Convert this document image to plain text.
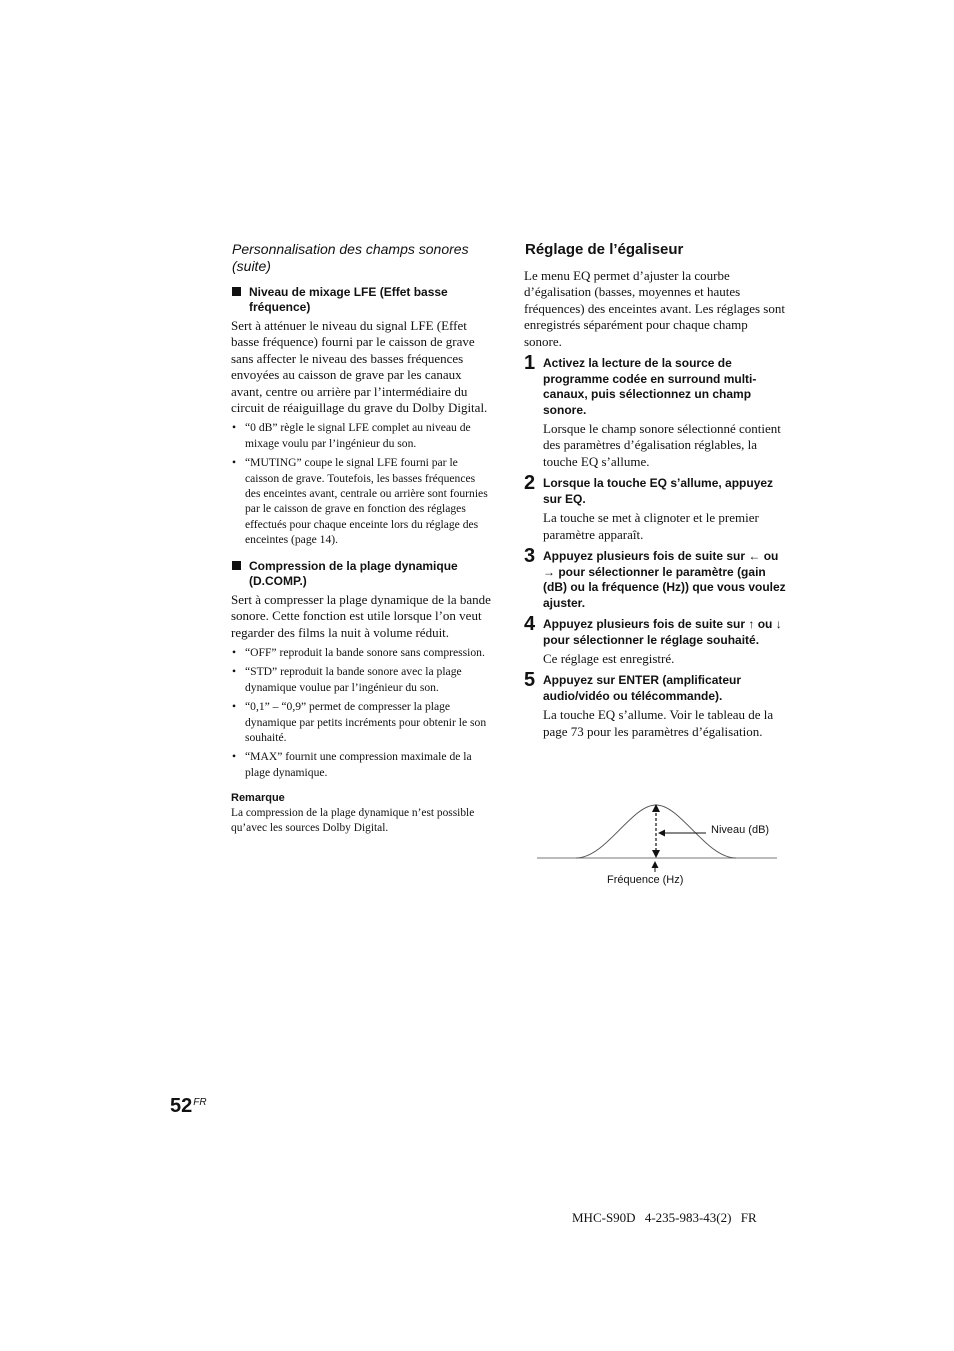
Personnalisation des champs sonores (suite)
Niveau de mixage LFE (Effet basse fréquence)

Sert à atténuer le niveau du signal LFE (Effet basse fréquence) fourni par le caisson de grave sans affecter le niveau des basses fréquences envoyées au caisson de grave par les canaux avant, centre ou arrière par l’intermédiaire du circuit de réaiguillage du grave du Dolby Digital.

• “0 dB” règle le signal LFE complet au niveau de mixage voulu par l’ingénieur du son.
• “MUTING” coupe le signal LFE fourni par le caisson de grave. Toutefois, les basses fréquences des enceintes avant, centrale ou arrière sont fournies par le caisson de grave en fonction des réglages effectués pour chaque enceinte lors du réglage des enceintes (page 14).
Compression de la plage dynamique (D.COMP.)

Sert à compresser la plage dynamique de la bande sonore. Cette fonction est utile lorsque l’on veut regarder des films la nuit à volume réduit.

• “OFF” reproduit la bande sonore sans compression.
• “STD” reproduit la bande sonore avec la plage dynamique voulue par l’ingénieur du son.
• “0,1” – “0,9” permet de compresser la plage dynamique par petits incréments pour obtenir le son souhaité.
• “MAX” fournit une compression maximale de la plage dynamique.
Remarque

La compression de la plage dynamique n’est possible qu’avec les sources Dolby Digital.

Réglage de l’égaliseur

Le menu EQ permet d’ajuster la courbe d’égalisation (basses, moyennes et hautes fréquences) des enceintes avant. Les réglages sont enregistrés séparément pour chaque champ sonore.

1 Activez la lecture de la source de programme codée en surround multi-canaux, puis sélectionnez un champ sonore.

Lorsque le champ sonore sélectionné contient des paramètres d’égalisation réglables, la touche EQ s’allume.

2 Lorsque la touche EQ s’allume, appuyez sur EQ.

La touche se met à clignoter et le premier paramètre apparaît.

3 Appuyez plusieurs fois de suite sur ← ou → pour sélectionner le paramètre (gain (dB) ou la fréquence (Hz)) que vous voulez ajuster.
4 Appuyez plusieurs fois de suite sur ↑ ou ↓ pour sélectionner le réglage souhaité.

Ce réglage est enregistré.

5 Appuyez sur ENTER (amplificateur audio/vidéo ou télécommande).

La touche EQ s’allume. Voir le tableau de la page 73 pour les paramètres d’égalisation.

Niveau (dB)
Fréquence (Hz)
$52^{FR}$
MHC-S90D 4-235-983-43(2) FR
